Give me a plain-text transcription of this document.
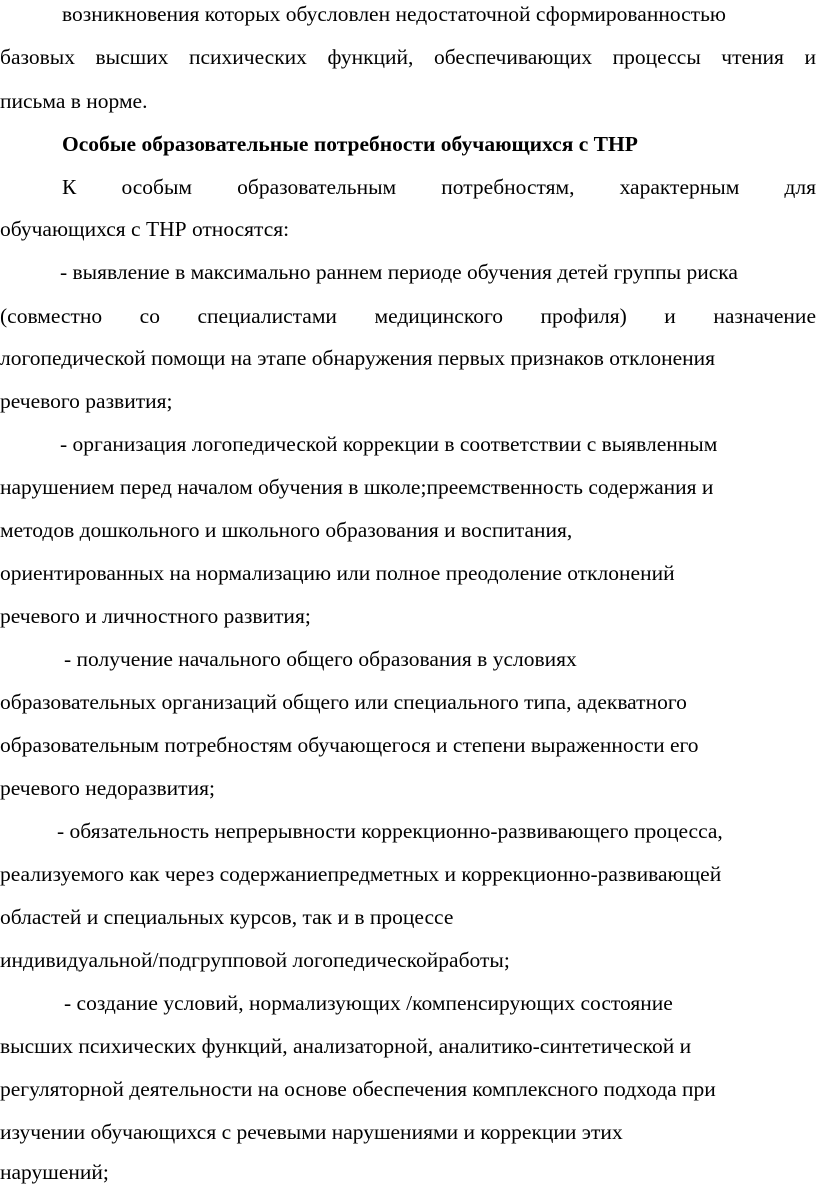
возникновения которых обусловлен недостаточной сформированностью

базовых высших психических функций, обеспечивающих процессы чтения и

письма в норме.

Особые образовательные потребности обучающихся с ТНР

К особым образовательным потребностям, характерным для

обучающихся с ТНР относятся:

- выявление в максимально раннем периоде обучения детей группы риска

(совместно со специалистами медицинского профиля) и назначение

логопедической помощи на этапе обнаружения первых признаков отклонения

речевого развития;

- организация логопедической коррекции в соответствии с выявленным

нарушением перед началом обучения в школе;преемственность содержания и

методов дошкольного и школьного образования и воспитания,

ориентированных на нормализацию или полное преодоление отклонений

речевого и личностного развития;

- получение начального общего образования в условиях

образовательных организаций общего или специального типа, адекватного

образовательным потребностям обучающегося и степени выраженности его

речевого недоразвития;

- обязательность непрерывности коррекционно-развивающего процесса,

реализуемого как через содержаниепредметных и коррекционно-развивающей

областей и специальных курсов, так и в процессе

индивидуальной/подгрупповой логопедическойработы;

- создание условий, нормализующих /компенсирующих состояние

высших психических функций, анализаторной, аналитико-синтетической и

регуляторной деятельности на основе обеспечения комплексного подхода при

изучении обучающихся с речевыми нарушениями и коррекции этих

нарушений;
